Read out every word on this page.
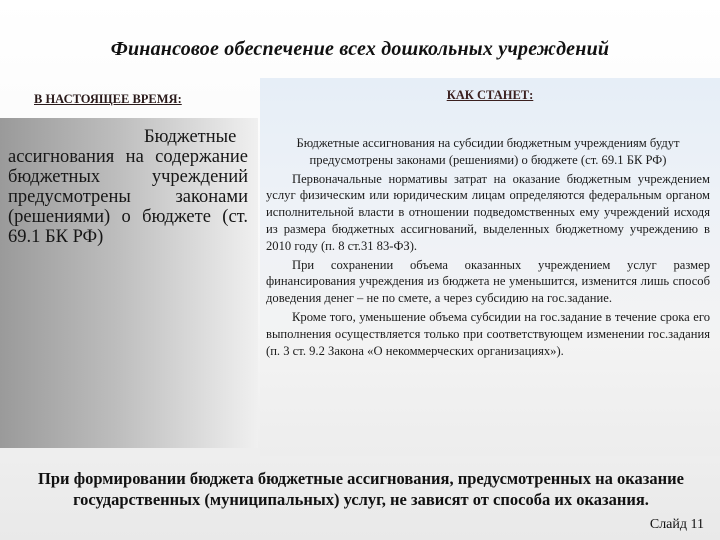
Финансовое обеспечение всех дошкольных учреждений
В НАСТОЯЩЕЕ ВРЕМЯ:
Бюджетные ассигнования на содержание бюджетных учреждений предусмотрены законами (решениями) о бюджете (ст. 69.1 БК РФ)
КАК СТАНЕТ:

Бюджетные ассигнования на субсидии бюджетным учреждениям будут предусмотрены законами (решениями) о бюджете (ст. 69.1 БК РФ)

Первоначальные нормативы затрат на оказание бюджетным учреждением услуг физическим или юридическим лицам определяются федеральным органом исполнительной власти в отношении подведомственных ему учреждений исходя из размера бюджетных ассигнований, выделенных бюджетному учреждению в 2010 году (п. 8 ст.31 83-ФЗ).

При сохранении объема оказанных учреждением услуг размер финансирования учреждения из бюджета не уменьшится, изменится лишь способ доведения денег – не по смете, а через субсидию на гос.задание.

Кроме того, уменьшение объема субсидии на гос.задание в течение срока его выполнения осуществляется только при соответствующем изменении гос.задания (п. 3 ст. 9.2 Закона «О некоммерческих организациях»).

При формировании бюджета бюджетные ассигнования, предусмотренных на оказание государственных (муниципальных) услуг, не зависят от способа их оказания.
Слайд 11
